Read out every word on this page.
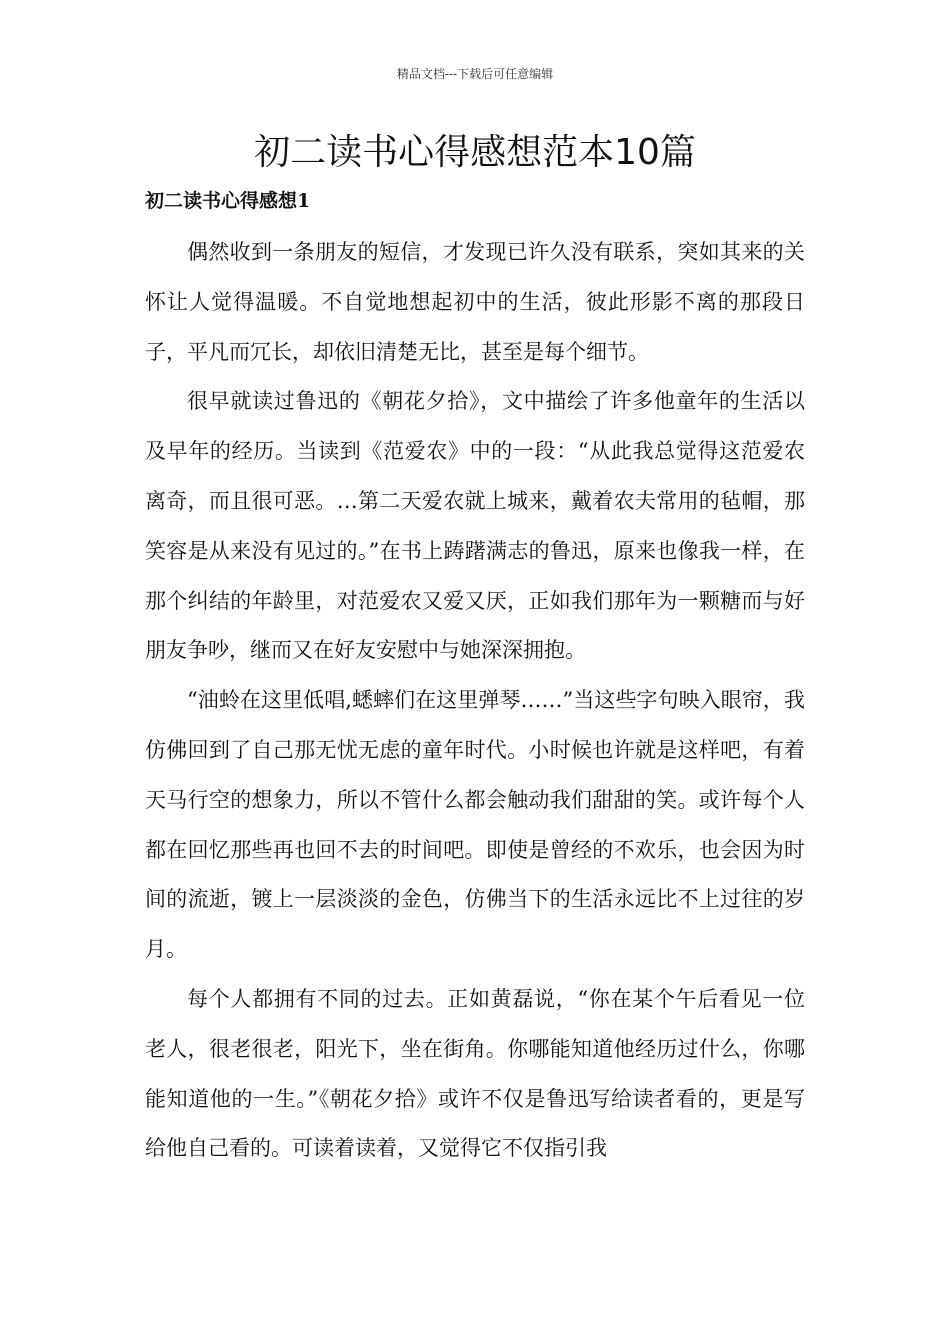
精品文档---下载后可任意编辑
初二读书心得感想范本10篇
初二读书心得感想1

偶然收到一条朋友的短信，才发现已许久没有联系，突如其来的关怀让人觉得温暖。不自觉地想起初中的生活，彼此形影不离的那段日子，平凡而冗长，却依旧清楚无比，甚至是每个细节。

很早就读过鲁迅的《朝花夕拾》，文中描绘了许多他童年的生活以及早年的经历。当读到《范爱农》中的一段：“从此我总觉得这范爱农离奇，而且很可恶。…第二天爱农就上城来，戴着农夫常用的毡帽，那笑容是从来没有见过的。”在书上踌躇满志的鲁迅，原来也像我一样，在那个纠结的年龄里，对范爱农又爱又厌，正如我们那年为一颗糖而与好朋友争吵，继而又在好友安慰中与她深深拥抱。

“油蛉在这里低唱,蟋蟀们在这里弹琴……”当这些字句映入眼帘，我仿佛回到了自己那无忧无虑的童年时代。小时候也许就是这样吧，有着天马行空的想象力，所以不管什么都会触动我们甜甜的笑。或许每个人都在回忆那些再也回不去的时间吧。即使是曾经的不欢乐，也会因为时间的流逝，镀上一层淡淡的金色，仿佛当下的生活永远比不上过往的岁月。

每个人都拥有不同的过去。正如黄磊说，“你在某个午后看见一位老人，很老很老，阳光下，坐在街角。你哪能知道他经历过什么，你哪能知道他的一生。”《朝花夕拾》或许不仅是鲁迅写给读者看的，更是写给他自己看的。可读着读着，又觉得它不仅指引我
